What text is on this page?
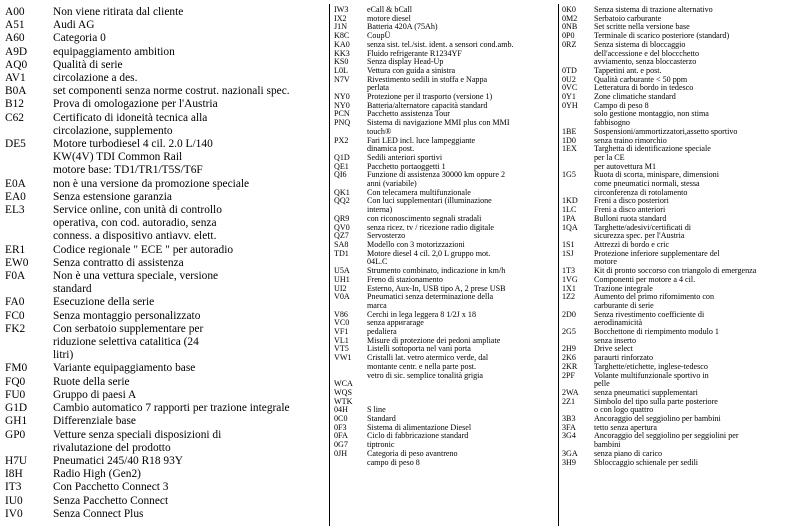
A00	Non viene ritirata dal cliente
A51	Audi AG
A60	Categoria 0
A9D	equipaggiamento ambition
AQ0	Qualità di serie
AV1	circolazione a des.
B0A	set componenti senza norme costrut. nazionali spec.
B12	Prova di omologazione per l'Austria
C62	Certificato di idoneità tecnica alla
circolazione, supplemento
DE5	Motore turbodiesel 4 cil. 2.0 L/140
KW(4V) TDI Common Rail
motore base: TD1/TR1/T5S/T6F
E0A	non è una versione da promozione speciale
EA0	Senza estensione garanzia
EL3	Service online, con unità di controllo
operativa, con cod. autoradio, senza
conness. a dispositivo antiavv. elett.
ER1	Codice regionale " ECE " per autoradio
EW0	Senza contratto di assistenza
F0A	Non è una vettura speciale, versione
standard
FA0	Esecuzione della serie
FC0	Senza montaggio personalizzato
FK2	Con serbatoio supplementare per
riduzione selettiva catalitica (24
litri)
FM0	Variante equipaggiamento base
FQ0	Ruote della serie
FU0	Gruppo di paesi A
G1D	Cambio automatico 7 rapporti per trazione integrale
GH1	Differenziale base
GP0	Vetture senza speciali disposizioni di
rivalutazione del prodotto
H7U	Pneumatici 245/40 R18 93Y
I8H	Radio High (Gen2)
IT3	Con Pacchetto Connect 3
IU0	Senza Pacchetto Connect
IV0	Senza Connect Plus
IW3	eCall & bCall
IX2	motore diesel
J1N	Batteria 420A (75Ah)
K8C	CoupÜ
KA0	senza sist. tel./sist. ident. a sensori cond.amb.
KK3	Fluido refrigerante R1234YF
KS0	Senza display Head-Up
L0L	Vettura con guida a sinistra
N7V	Rivestimento sedili in stoffa e Nappa
perlata
NY0	Protezione per il trasporto (versione 1)
NY0	Batteria/alternatore capacità standard
PCN	Pacchetto assistenza Tour
PNQ	Sistema di navigazione MMI plus con MMI
touch®
PX2	Fari LED incl. luce lampeggiante
dinamica post.
Q1D	Sedili anteriori sportivi
QE1	Pacchetto portaoggetti 1
QI6	Funzione di assistenza 30000 km oppure 2
anni (variabile)
QK1	Con telecamera multifunzionale
QQ2	Con luci supplementari (illuminazione
interna)
QR9	con riconoscimento segnali stradali
QV0	senza ricez. tv / ricezione radio digitale
QZ7	Servosterzo
SA8	Modello con 3 motorizzazioni
TD1	Motore diesel 4 cil. 2,0 L gruppo mot.
04L.C
U5A	Strumento combinato, indicazione in km/h
UH1	Freno di stazionamento
UI2	Esterno, Aux-In, USB tipo A, 2 prese USB
V0A	Pneumatici senza determinazione della
marca
V86	Cerchi in lega leggera 8 1/2J x 18
VC0	senza apригarage
VF1	pedaliera
VL1	Misure di protezione dei pedoni ampliate
VT5	Listelli sottoporta nel vani porta
VW1	Cristalli lat. vetro atermico verde, dal
montante centr. e nella parte post.
vetro di sic. semplice tonalità grigia
WCA

WQS

WTK

04H	S line
0C0	Standard
0F3	Sistema di alimentazione Diesel
0FA	Ciclo di fabbricazione standard
0G7	tiptronic
0JH	Categoria di peso avantreno
campo di peso 8
0K0	Senza sistema di trazione alternativo
0M2	Serbatoio carburante
0NB	Set scritte nella versione base
0P0	Terminale di scarico posteriore (standard)
0RZ	Senza sistema di bloccaggio
dell'accessione e del bloccchetto
avviamento, senza bloccasterzo
0TD	Tappetini ant. e post.
0U2	Qualità carburante < 50 ppm
0VC	Letteratura di bordo in tedesco
0Y1	Zone climatiche standard
0YH	Campo di peso 8
solo gestione montaggio, non stima
fabbisogno
1BE	Sospensioni/ammortizzatori,assetto sportivo
1D0	senza traino rimorchio
1EX	Targhetta di identificazione speciale
per la CE
per autovettura M1
1G5	Ruota di scorta, minispare, dimensioni
come pneumatici normali, stessa
circonferenza di rotolamento
1KD	Freni a disco posteriori
1LC	Freni a disco anteriori
1PA	Bulloni ruota standard
1QA	Targhette/adesivi/certificati di
sicurezza spec. per l'Austria
1S1	Attrezzi di bordo e cric
1SJ	Protezione inferiore supplementare del
motore
1T3	Kit di pronto soccorso con triangolo di emergenza
1VG	Componenti per motore a 4 cil.
1X1	Trazione integrale
1Z2	Aumento del primo rifornimento con
carburante di serie
2D0	Senza rivestimento coefficiente di
aerodinamicità
2G5	Bocchettone di riempimento modulo 1
senza inserto
2H9	Drive select
2K6	paraurti rinforzato
2KR	Targhette/etichette, inglese-tedesco
2PF	Volante multifunzionale sportivo in
pelle
2WA	senza pneumatici supplementari
2Z1	Simbolo del tipo sulla parte posteriore
o con logo quattro
3B3	Ancoraggio del seggiolino per bambini
3FA	tetto senza apertura
3G4	Ancoraggio del seggiolino per seggiolini per
bambini
3GA	senza piano di carico
3H9	Sbloccaggio schienale per sedili
